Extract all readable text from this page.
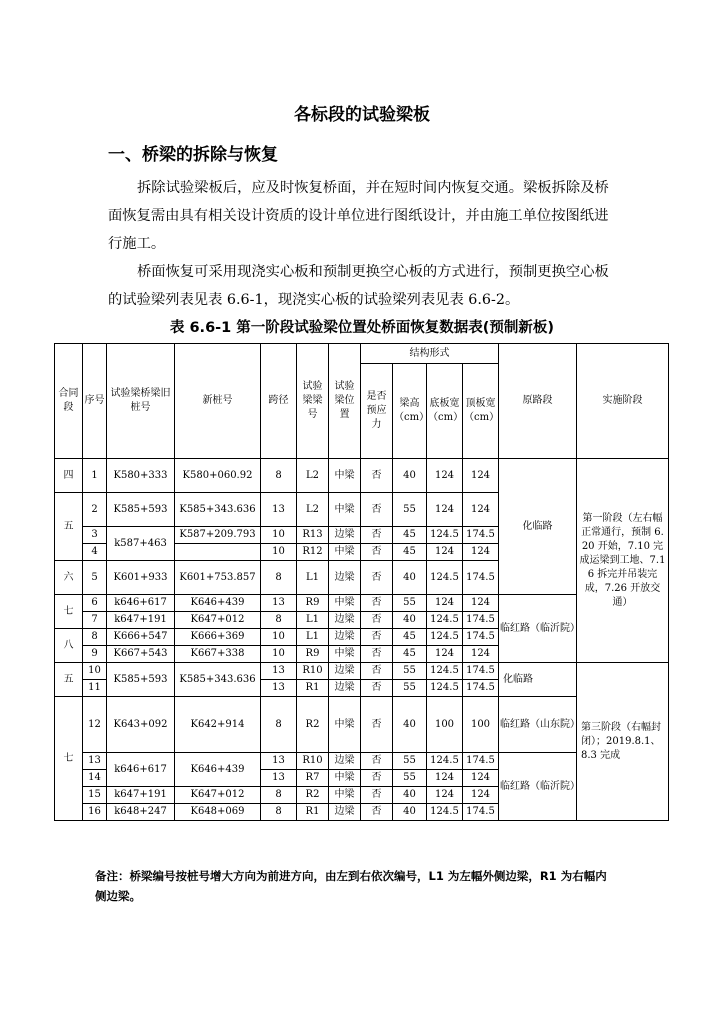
各标段的试验梁板
一、桥梁的拆除与恢复
拆除试验梁板后，应及时恢复桥面，并在短时间内恢复交通。梁板拆除及桥面恢复需由具有相关设计资质的设计单位进行图纸设计，并由施工单位按图纸进行施工。
桥面恢复可采用现浇实心板和预制更换空心板的方式进行，预制更换空心板的试验梁列表见表 6.6-1，现浇实心板的试验梁列表见表 6.6-2。
表 6.6-1 第一阶段试验梁位置处桥面恢复数据表(预制新板)
合同段	序号	试验梁桥梁旧桩号	新桩号	跨径	试验梁梁号	试验梁位置	结构形式				原路段	实施阶段
							是否预应力	梁高（cm）	底板宽（cm）	顶板宽（cm）		
四	1	K580+333	K580+060.92	8	L2	中梁	否	40	124	124	化临路	第一阶段（左右幅正常通行，预制 6.20 开始，7.10 完成运梁到工地、7.16 拆完并吊装完成，7.26 开放交通）
五	2	K585+593	K585+343.636	13	L2	中梁	否	55	124	124		
	3	k587+463	K587+209.793	10	R13	边梁	否	45	124.5	174.5		
	4			10	R12	中梁	否	45	124	124		
六	5	K601+933	K601+753.857	8	L1	边梁	否	40	124.5	174.5		
七	6	k646+617	K646+439	13	R9	中梁	否	55	124	124	临红路（临沂院）	
	7	k647+191	K647+012	8	L1	边梁	否	40	124.5	174.5		
八	8	K666+547	K666+369	10	L1	边梁	否	45	124.5	174.5		
	9	K667+543	K667+338	10	R9	中梁	否	45	124	124		
五	10	K585+593	K585+343.636	13	R10	边梁	否	55	124.5	174.5	化临路	第三阶段（右幅封闭）；2019.8.1、8.3 完成
	11			13	R1	边梁	否	55	124.5	174.5		
七	12	K643+092	K642+914	8	R2	中梁	否	40	100	100	临红路（山东院）	
	13	k646+617	K646+439	13	R10	边梁	否	55	124.5	174.5	临红路（临沂院）	
	14			13	R7	中梁	否	55	124	124		
	15	k647+191	K647+012	8	R2	中梁	否	40	124	124		
	16	k648+247	K648+069	8	R1	边梁	否	40	124.5	174.5		
备注：桥梁编号按桩号增大方向为前进方向，由左到右依次编号，L1 为左幅外侧边梁，R1 为右幅内侧边梁。
